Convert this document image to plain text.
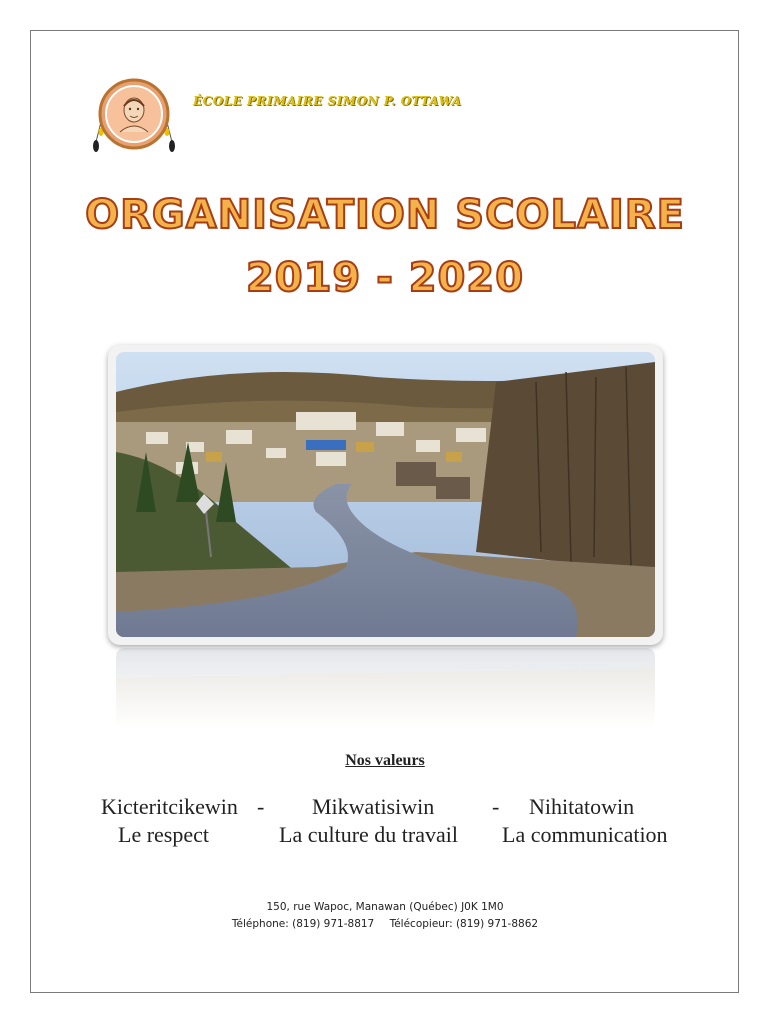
ÉCOLE PRIMAIRE SIMON P. OTTAWA
ORGANISATION SCOLAIRE
2019 - 2020
Nos valeurs
Kicteritcikewin - Mikwatisiwin	- Nihitatowin
Le respect	La culture du travail La communication
150, rue Wapoc, Manawan (Québec) J0K 1M0
Téléphone: (819) 971-8817 Télécopieur: (819) 971-8862
